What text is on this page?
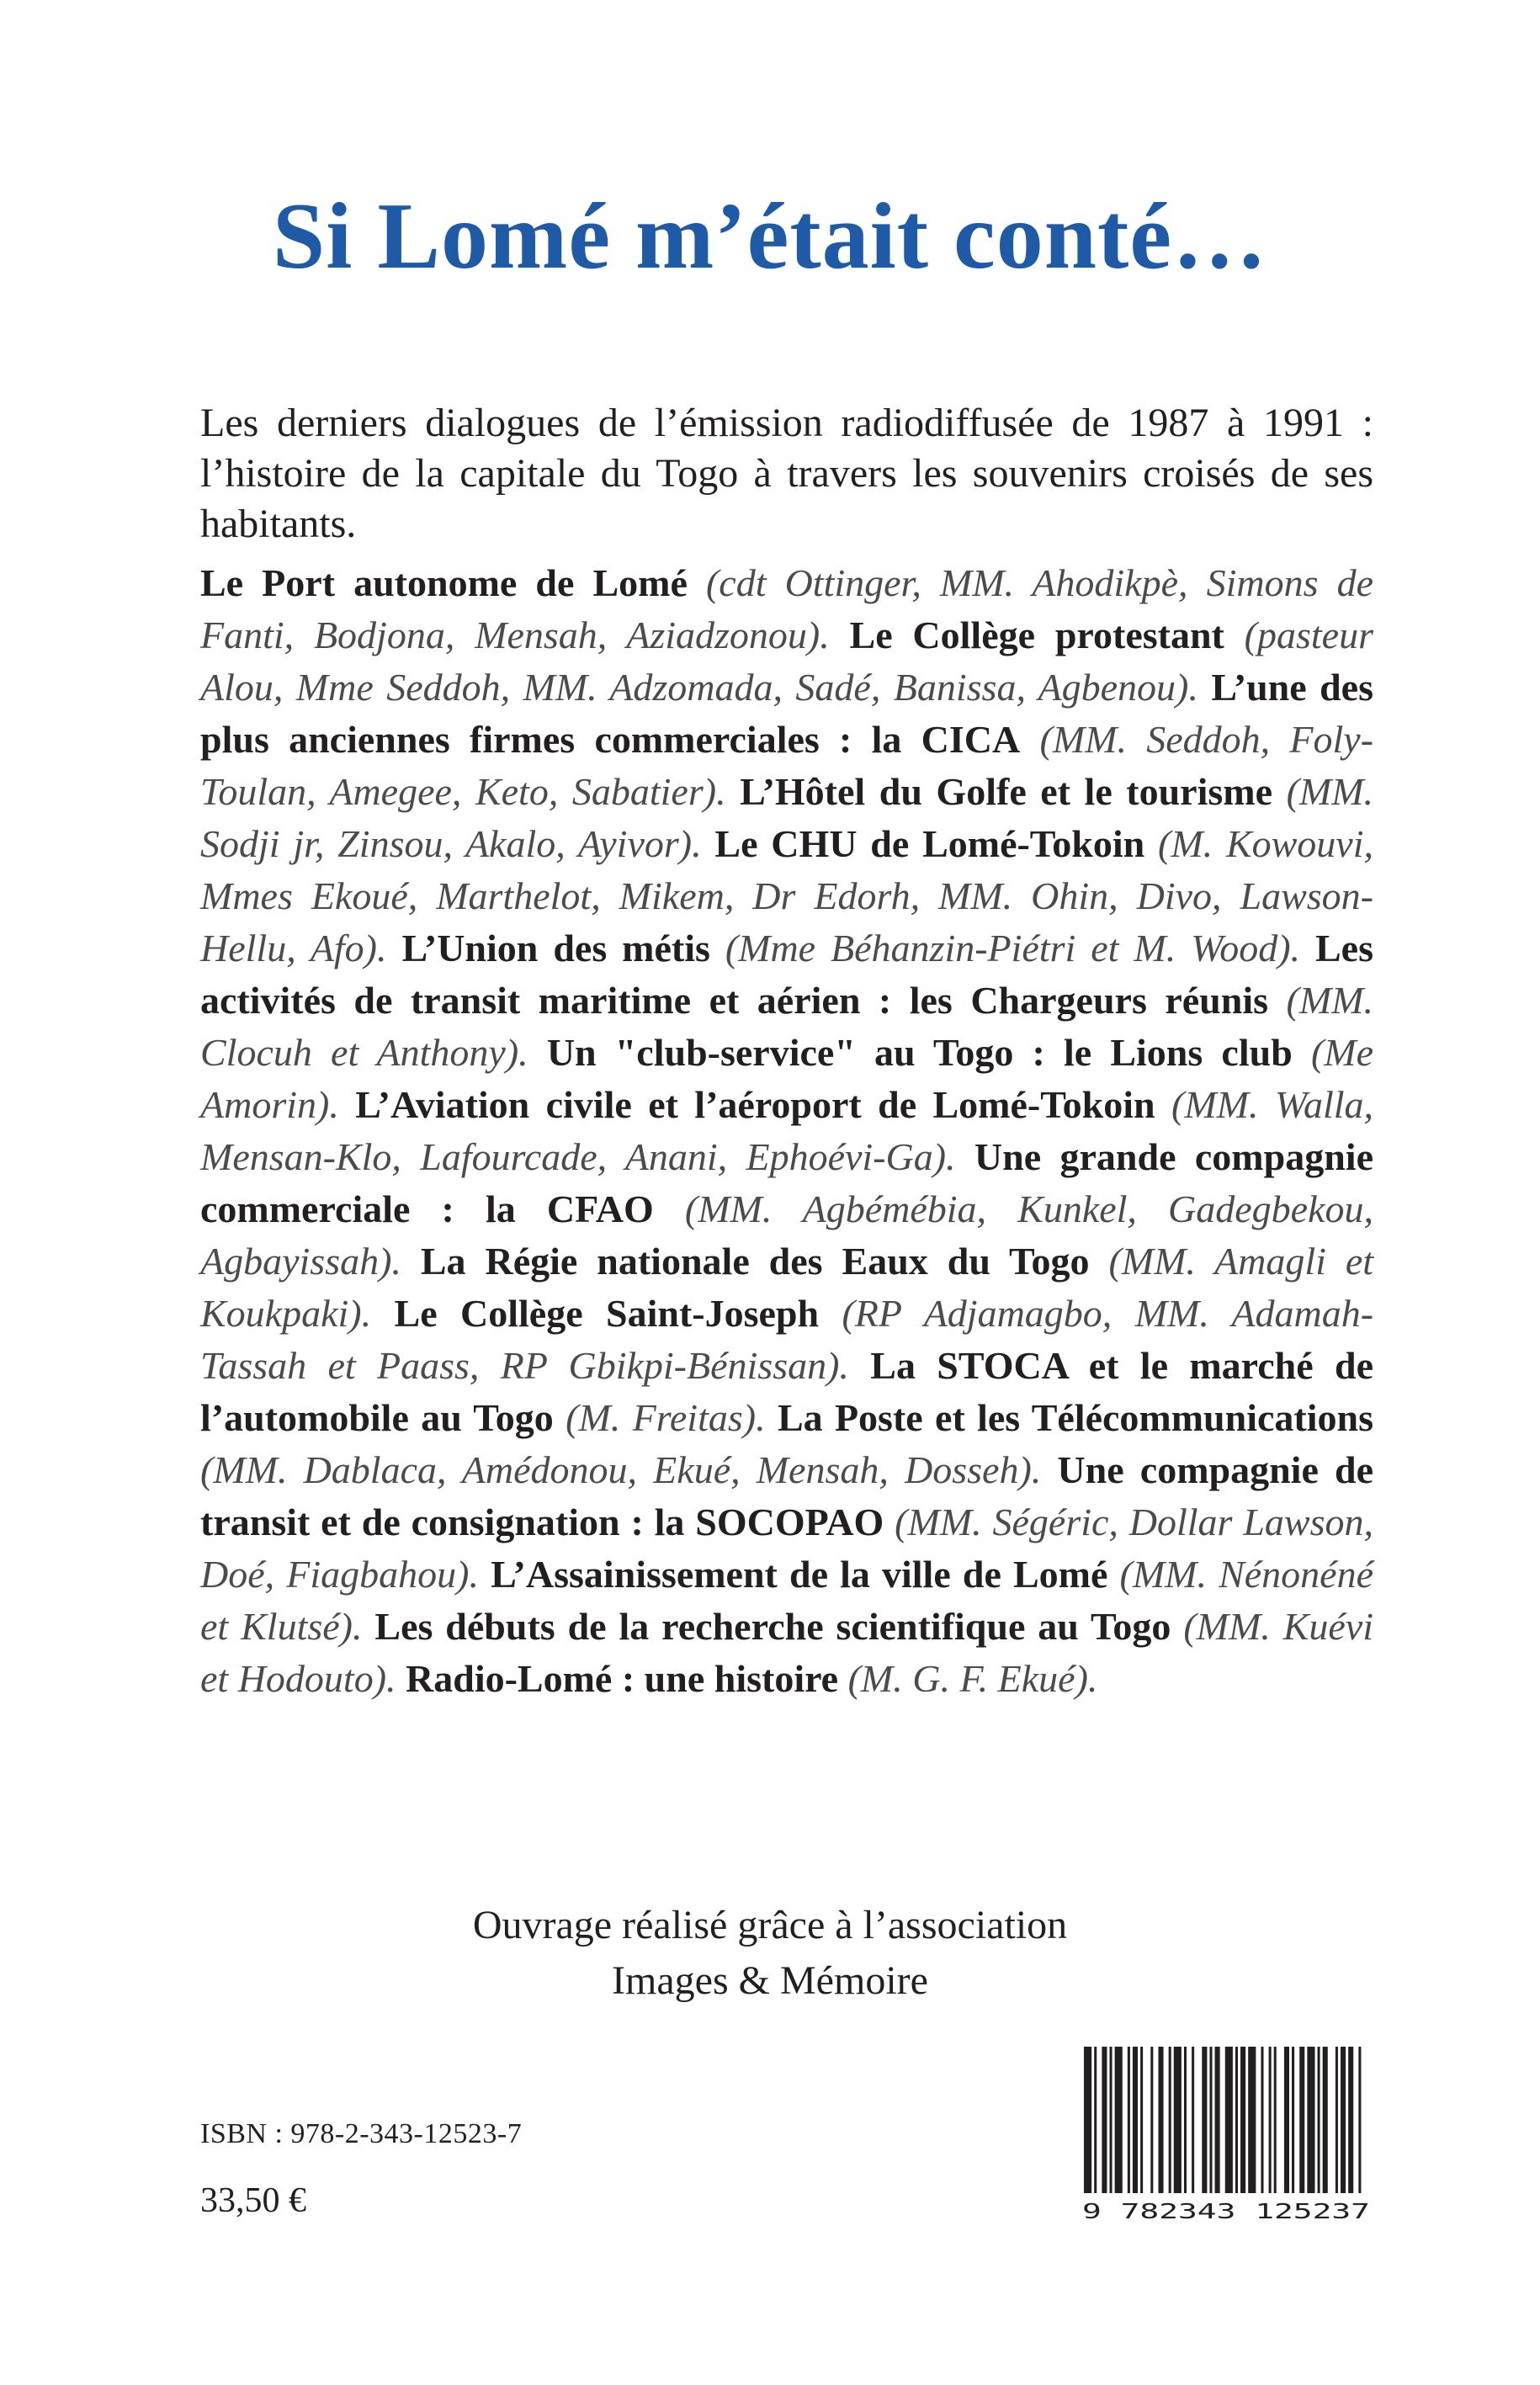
Si Lomé m’était conté…

Les derniers dialogues de l’émission radiodiffusée de 1987 à 1991 : l’histoire de la capitale du Togo à travers les souvenirs croisés de ses habitants.

Le Port autonome de Lomé (cdt Ottinger, MM. Ahodikpè, Simons de Fanti, Bodjona, Mensah, Aziadzonou). Le Collège protestant (pasteur Alou, Mme Seddoh, MM. Adzomada, Sadé, Banissa, Agbenou). L’une des plus anciennes firmes commerciales : la CICA (MM. Seddoh, Foly-Toulan, Amegee, Keto, Sabatier). L’Hôtel du Golfe et le tourisme (MM. Sodji jr, Zinsou, Akalo, Ayivor). Le CHU de Lomé-Tokoin (M. Kowouvi, Mmes Ekoué, Marthelot, Mikem, Dr Edorh, MM. Ohin, Divo, Lawson-Hellu, Afo). L’Union des métis (Mme Béhanzin-Piétri et M. Wood). Les activités de transit maritime et aérien : les Chargeurs réunis (MM. Clocuh et Anthony). Un "club-service" au Togo : le Lions club (Me Amorin). L’Aviation civile et l’aéroport de Lomé-Tokoin (MM. Walla, Mensan-Klo, Lafourcade, Anani, Ephoévi-Ga). Une grande compagnie commerciale : la CFAO (MM. Agbémébia, Kunkel, Gadegbekou, Agbayissah). La Régie nationale des Eaux du Togo (MM. Amagli et Koukpaki). Le Collège Saint-Joseph (RP Adjamagbo, MM. Adamah-Tassah et Paass, RP Gbikpi-Bénissan). La STOCA et le marché de l’automobile au Togo (M. Freitas). La Poste et les Télécommunications (MM. Dablaca, Amédonou, Ekué, Mensah, Dosseh). Une compagnie de transit et de consignation : la SOCOPAO (MM. Ségéric, Dollar Lawson, Doé, Fiagbahou). L’Assainissement de la ville de Lomé (MM. Nénonéné et Klutsé). Les débuts de la recherche scientifique au Togo (MM. Kuévi et Hodouto). Radio-Lomé : une histoire (M. G. F. Ekué).
Ouvrage réalisé grâce à l’association
Images & Mémoire
ISBN : 978-2-343-12523-7
33,50 €	9 782343 125237
